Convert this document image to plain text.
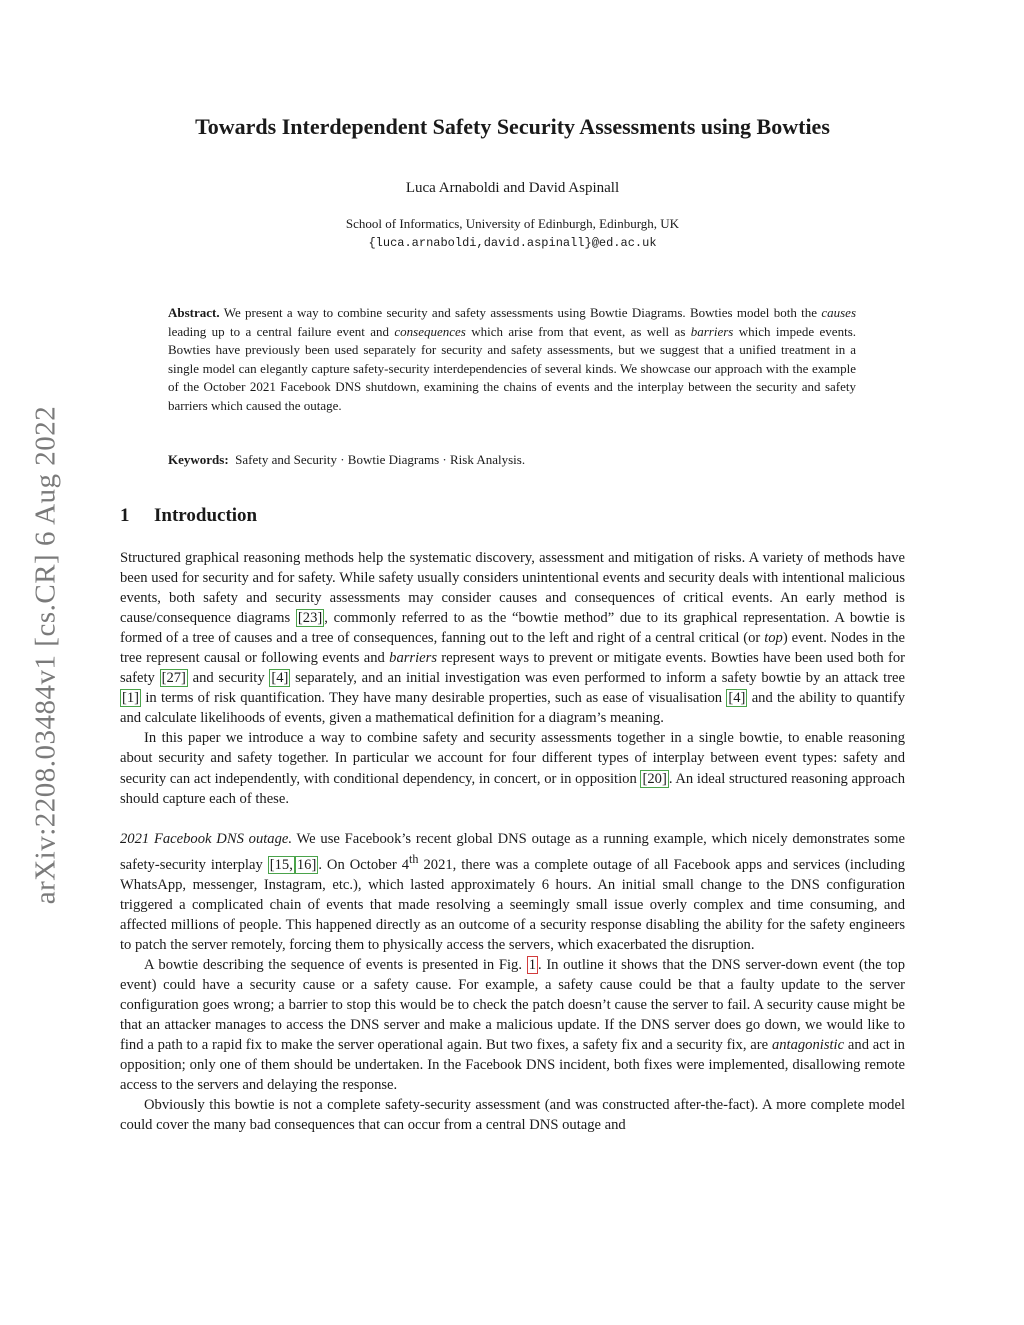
arXiv:2208.03484v1 [cs.CR] 6 Aug 2022
Towards Interdependent Safety Security Assessments using Bowties
Luca Arnaboldi and David Aspinall
School of Informatics, University of Edinburgh, Edinburgh, UK
{luca.arnaboldi,david.aspinall}@ed.ac.uk

Abstract. We present a way to combine security and safety assessments using Bowtie Diagrams. Bowties model both the causes leading up to a central failure event and consequences which arise from that event, as well as barriers which impede events. Bowties have previously been used separately for security and safety assessments, but we suggest that a unified treatment in a single model can elegantly capture safety-security interdependencies of several kinds. We showcase our approach with the example of the October 2021 Facebook DNS shutdown, examining the chains of events and the interplay between the security and safety barriers which caused the outage.

Keywords: Safety and Security · Bowtie Diagrams · Risk Analysis.

1 Introduction

Structured graphical reasoning methods help the systematic discovery, assessment and mitigation of risks. A variety of methods have been used for security and for safety. While safety usually considers unintentional events and security deals with intentional malicious events, both safety and security assessments may consider causes and consequences of critical events. An early method is cause/consequence diagrams [23] , commonly referred to as the “bowtie method” due to its graphical representation. A bowtie is formed of a tree of causes and a tree of consequences, fanning out to the left and right of a central critical (or top) event. Nodes in the tree represent causal or following events and barriers represent ways to prevent or mitigate events. Bowties have been used both for safety [27] and security [4] separately, and an initial investigation was even performed to inform a safety bowtie by an attack tree [1] in terms of risk quantification. They have many desirable properties, such as ease of visualisation [4] and the ability to quantify and calculate likelihoods of events, given a mathematical definition for a diagram’s meaning.

In this paper we introduce a way to combine safety and security assessments together in a single bowtie, to enable reasoning about security and safety together. In particular we account for four different types of interplay between event types: safety and security can act independently, with conditional dependency, in concert, or in opposition [20] . An ideal structured reasoning approach should capture each of these.

2021 Facebook DNS outage. We use Facebook’s recent global DNS outage as a running example, which nicely demonstrates some safety-security interplay [15, 16] . On October 4th 2021, there was a complete outage of all Facebook apps and services (including WhatsApp, messenger, Instagram, etc.), which lasted approximately 6 hours. An initial small change to the DNS configuration triggered a complicated chain of events that made resolving a seemingly small issue overly complex and time consuming, and affected millions of people. This happened directly as an outcome of a security response disabling the ability for the safety engineers to patch the server remotely, forcing them to physically access the servers, which exacerbated the disruption.

A bowtie describing the sequence of events is presented in Fig. 1 . In outline it shows that the DNS server-down event (the top event) could have a security cause or a safety cause. For example, a safety cause could be that a faulty update to the server configuration goes wrong; a barrier to stop this would be to check the patch doesn’t cause the server to fail. A security cause might be that an attacker manages to access the DNS server and make a malicious update. If the DNS server does go down, we would like to find a path to a rapid fix to make the server operational again. But two fixes, a safety fix and a security fix, are antagonistic and act in opposition; only one of them should be undertaken. In the Facebook DNS incident, both fixes were implemented, disallowing remote access to the servers and delaying the response.

Obviously this bowtie is not a complete safety-security assessment (and was constructed after-the-fact). A more complete model could cover the many bad consequences that can occur from a central DNS outage and
